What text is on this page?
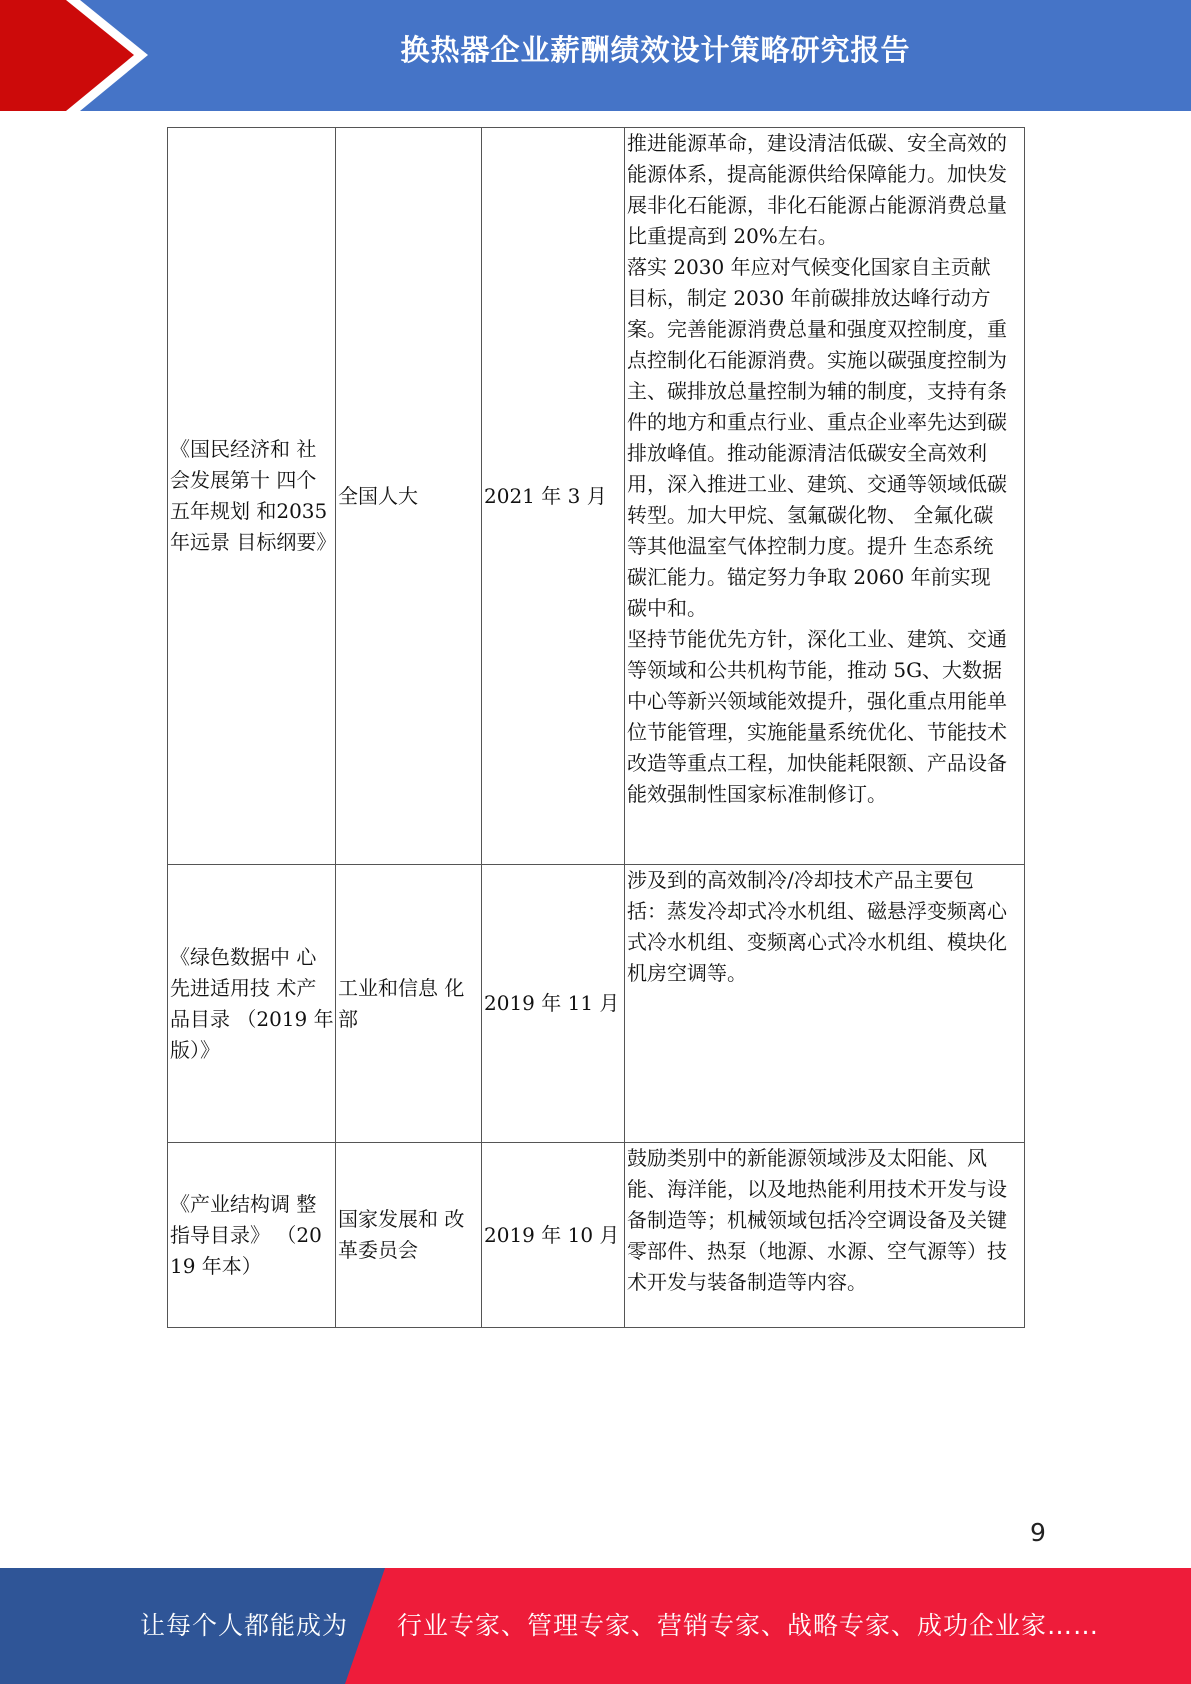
换热器企业薪酬绩效设计策略研究报告
《国民经济和 社会发展第十 四个五年规划 和2035年远景 目标纲要》	全国人大	2021 年 3 月	推进能源革命，建设清洁低碳、安全高效的能源体系，提高能源供给保障能力。加快发展非化石能源，非化石能源占能源消费总量比重提高到 20%左右。
落实 2030 年应对气候变化国家自主贡献目标，制定 2030 年前碳排放达峰行动方案。完善能源消费总量和强度双控制度，重点控制化石能源消费。实施以碳强度控制为主、碳排放总量控制为辅的制度，支持有条件的地方和重点行业、重点企业率先达到碳排放峰值。推动能源清洁低碳安全高效利用，深入推进工业、建筑、交通等领域低碳转型。加大甲烷、氢氟碳化物、 全氟化碳等其他温室气体控制力度。提升 生态系统碳汇能力。锚定努力争取 2060 年前实现碳中和。
坚持节能优先方针，深化工业、建筑、交通等领域和公共机构节能，推动 5G、大数据中心等新兴领域能效提升，强化重点用能单位节能管理，实施能量系统优化、节能技术改造等重点工程，加快能耗限额、产品设备能效强制性国家标准制修订。

《绿色数据中 心先进适用技 术产品目录 （2019 年版）》	工业和信息 化部	2019 年 11 月	涉及到的高效制冷/冷却技术产品主要包括：蒸发冷却式冷水机组、磁悬浮变频离心式冷水机组、变频离心式冷水机组、模块化机房空调等。

《产业结构调 整指导目录》 （2019 年本）	国家发展和 改革委员会	2019 年 10 月	鼓励类别中的新能源领域涉及太阳能、风能、海洋能，以及地热能利用技术开发与设备制造等；机械领域包括冷空调设备及关键零部件、热泵（地源、水源、空气源等）技术开发与装备制造等内容。
9
让每个人都能成为 行业专家、管理专家、营销专家、战略专家、成功企业家……
